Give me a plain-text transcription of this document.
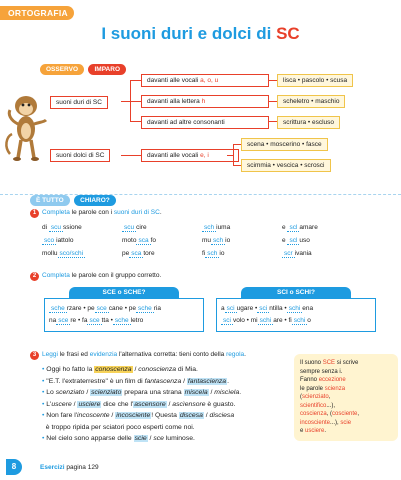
ORTOGRAFIA
I suoni duri e dolci di SC
OSSERVO	IMPARO
suoni duri di SC
davanti alle vocali a, o, u
davanti alla lettera h
davanti ad altre consonanti
lisca • pascolo • scusa
scheletro • maschio
scrittura • escluso
suoni dolci di SC	davanti alle vocali e, i
scena • moscerino • fasce
scimmia • vescica • scrosci
È TUTTO	CHIARO?
1 Completa le parole con i suoni duri di SC.
di scu ssione	scu cire	sch iuma	e scl amare
sco iattolo	moto sca fo	mu sch io	e scl uso
mollu sco/schi	pe sca tore	fi sch io	scr ivania
2 Completa le parole con il gruppo corretto.
SCE o SCHE?
sche rzare • pe sce cane • pe sche ria
na sce re • fa sce tta • sche letro
SCI o SCHI?
a sci ugare • sci ntilla • schi ena
sci volo • mi schi are • fi schi o
3 Leggi le frasi ed evidenzia l'alternativa corretta: tieni conto della regola.
• Oggi ho fatto la conoscenza / conoscienza di Mia.
• "E.T. l'extraterrestre" è un film di fantascenza / fantascienza.
• Lo scenziato / scienziato prepara una strana miscela / miscìela.
• L'uscere / usciere dice che l'ascensore / ascìensore è guasto.
• Non fare l'incoscente / incosciente! Questa discesa / disciesa
è troppo ripida per sciatori poco esperti come noi.
• Nel cielo sono apparse delle scie / sce luminose.
Il suono SCE si scrive
sempre senza i.
Fanno eccezione
le parole scienza
(scienziato,
scientifico...),
coscienza, (cosciente,
incosciente...), scie
e usciere.
8	Esercizi pagina 129
